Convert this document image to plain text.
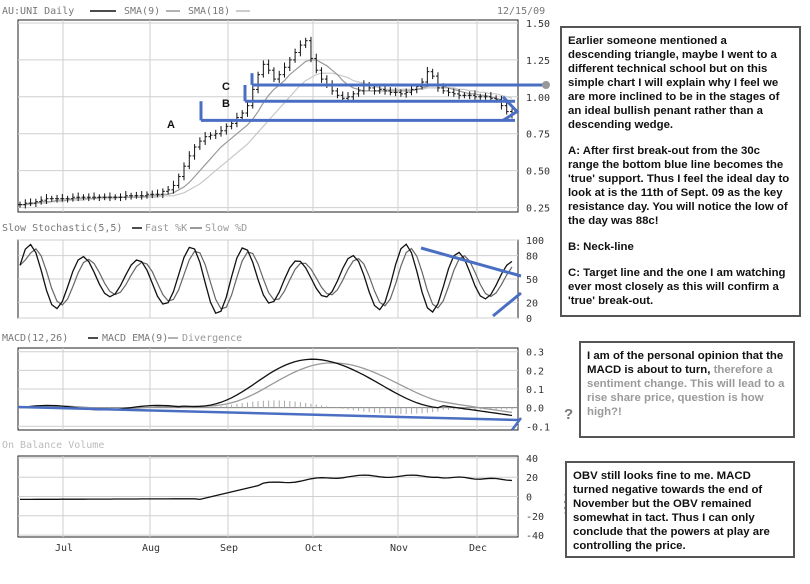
1.50
1.25
1.00
0.75
0.50
0.25
A
C
B
100
80
50
20
0
0.3
0.2
0.1
0.0
-0.1
40
20
0
-20
-40
Jul	Aug	Sep	Oct	Nov	Dec
AU:UNI Daily	SMA(9)	SMA(18)	12/15/09
Slow Stochastic(5,5) Fast %K Slow %D
MACD(12,26)	MACD EMA(9) Divergence
On Balance Volume

Earlier someone mentioned a descending triangle, maybe I went to a different technical school but on this simple chart I will explain why I feel we are more inclined to be in the stages of an ideal bullish penant rather than a descending wedge.

A: After first break-out from the 30c range the bottom blue line becomes the 'true' support. Thus I feel the ideal day to look at is the 11th of Sept. 09 as the key resistance day. You will notice the low of the day was 88c!

B: Neck-line

C: Target line and the one I am watching ever most closely as this will confirm a 'true' break-out.

I am of the personal opinion that the MACD is about to turn, therefore a sentiment change. This will lead to a rise share price, question is how high?!
?
OBV still looks fine to me. MACD turned negative towards the end of November but the OBV remained somewhat in tact. Thus I can only conclude that the powers at play are controlling the price.
